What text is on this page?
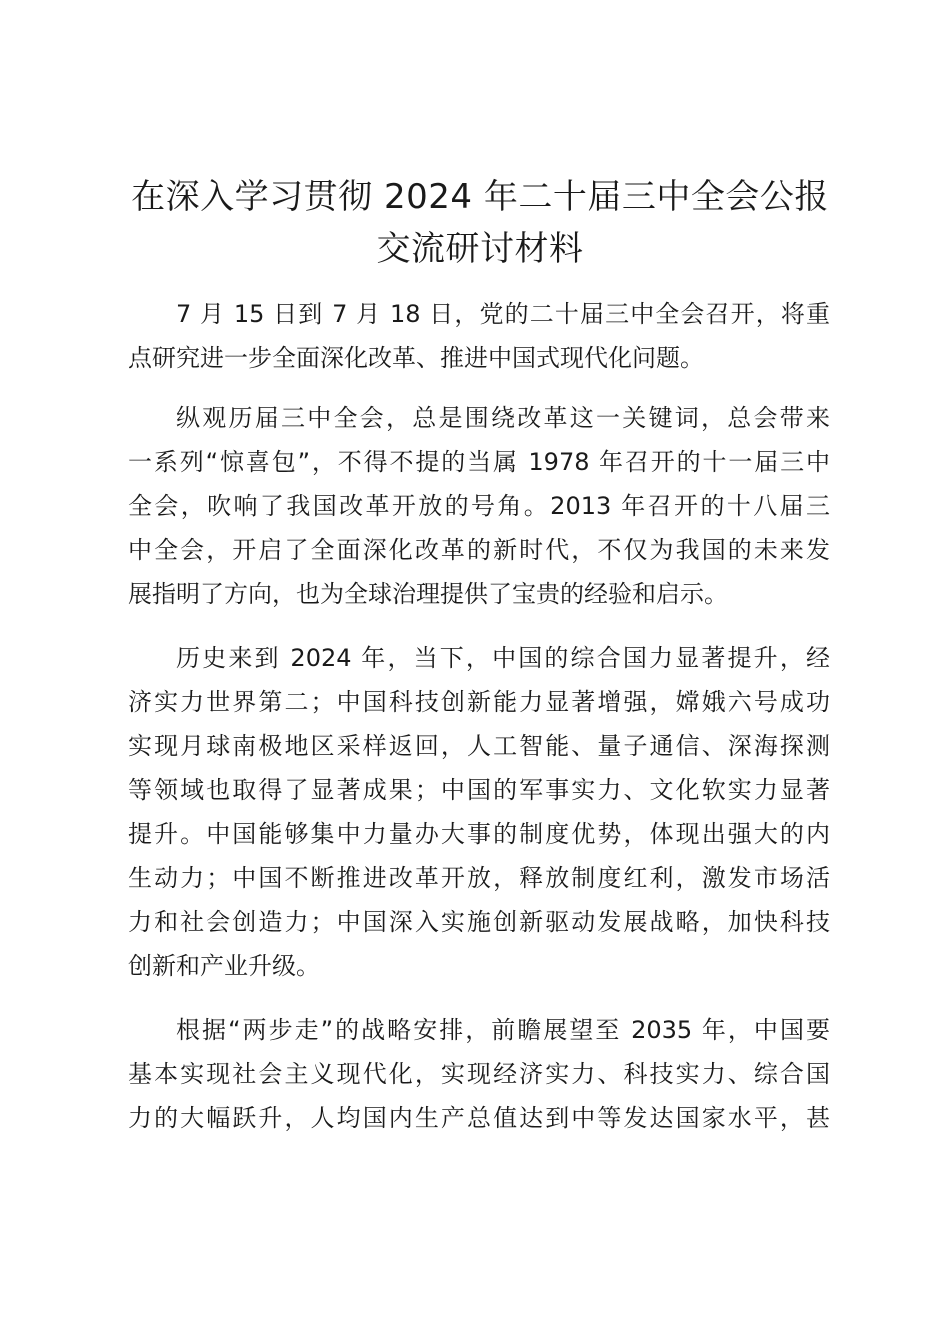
在深入学习贯彻 2024 年二十届三中全会公报
交流研讨材料

7 月 15 日到 7 月 18 日，党的二十届三中全会召开，将重

点研究进一步全面深化改革、推进中国式现代化问题。

纵观历届三中全会，总是围绕改革这一关键词，总会带来

一系列“惊喜包”，不得不提的当属 1978 年召开的十一届三中

全会，吹响了我国改革开放的号角。2013 年召开的十八届三

中全会，开启了全面深化改革的新时代，不仅为我国的未来发

展指明了方向，也为全球治理提供了宝贵的经验和启示。

历史来到 2024 年，当下，中国的综合国力显著提升，经

济实力世界第二；中国科技创新能力显著增强，嫦娥六号成功

实现月球南极地区采样返回，人工智能、量子通信、深海探测

等领域也取得了显著成果；中国的军事实力、文化软实力显著

提升。中国能够集中力量办大事的制度优势，体现出强大的内

生动力；中国不断推进改革开放，释放制度红利，激发市场活

力和社会创造力；中国深入实施创新驱动发展战略，加快科技

创新和产业升级。

根据“两步走”的战略安排，前瞻展望至 2035 年，中国要

基本实现社会主义现代化，实现经济实力、科技实力、综合国

力的大幅跃升，人均国内生产总值达到中等发达国家水平，甚
